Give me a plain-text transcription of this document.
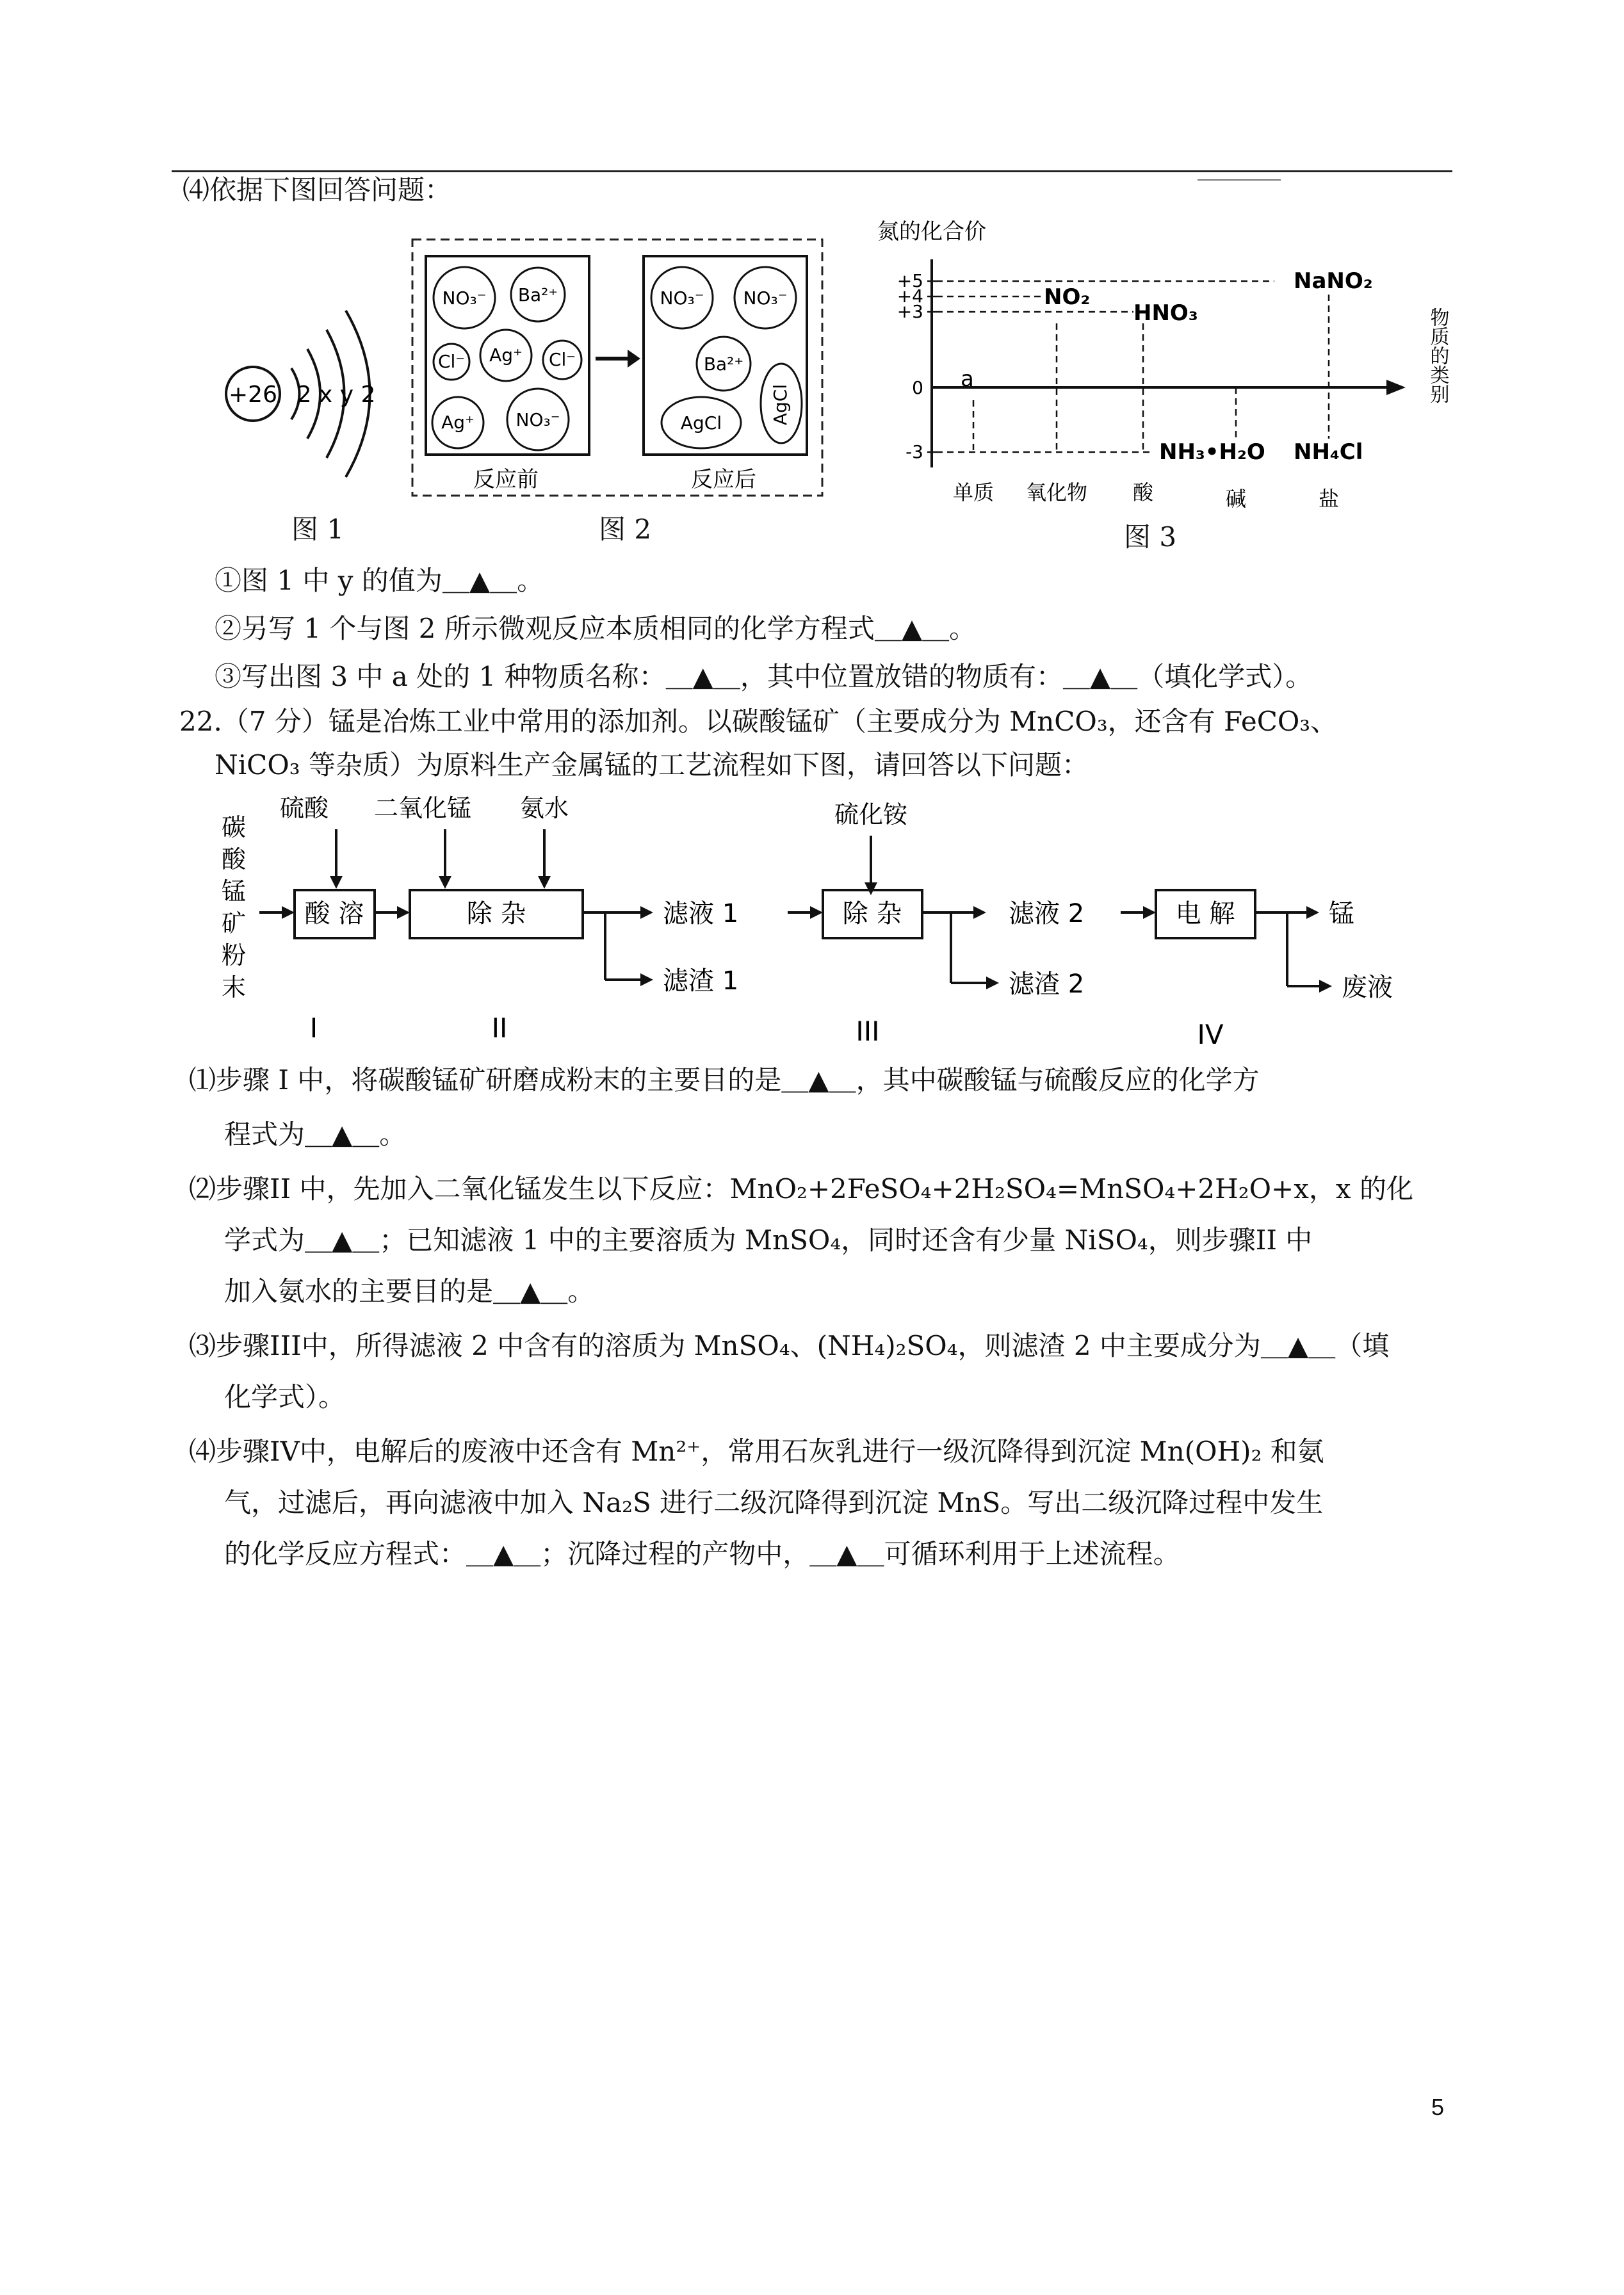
⑷依据下图回答问题：
+26 2 x y 2
图 1
NO₃⁻ Ba²⁺
Cl⁻ Ag⁺ Cl⁻
Ag⁺ NO₃⁻
NO₃⁻ NO₃⁻
Ba²⁺
AgCl	AgCl
反应前	反应后
图 2
氮的化合价
+5
+4
+3
0
-3
NaNO₂
NO₂
HNO₃
a
NH₃•H₂O NH₄Cl
单质 氧化物 酸	碱	盐
物质的类别
图 3
①图 1 中 y 的值为＿▲＿。
②另写 1 个与图 2 所示微观反应本质相同的化学方程式＿▲＿。
③写出图 3 中 a 处的 1 种物质名称：＿▲＿，其中位置放错的物质有：＿▲＿（填化学式）。
22.（7 分）锰是冶炼工业中常用的添加剂。以碳酸锰矿（主要成分为 MnCO₃，还含有 FeCO₃、
NiCO₃ 等杂质）为原料生产金属锰的工艺流程如下图，请回答以下问题：
碳
酸
锰
矿
粉
末
硫酸 二氧化锰 氨水	硫化铵
酸 溶	除 杂	除 杂	电 解
滤液 1
滤渣 1
滤液 2
滤渣 2
锰
废液
I	II	III	IV
⑴步骤 I 中，将碳酸锰矿研磨成粉末的主要目的是＿▲＿，其中碳酸锰与硫酸反应的化学方
程式为＿▲＿。
⑵步骤II 中，先加入二氧化锰发生以下反应：MnO₂+2FeSO₄+2H₂SO₄=MnSO₄+2H₂O+x，x 的化
学式为＿▲＿；已知滤液 1 中的主要溶质为 MnSO₄，同时还含有少量 NiSO₄，则步骤II 中
加入氨水的主要目的是＿▲＿。
⑶步骤III中，所得滤液 2 中含有的溶质为 MnSO₄、(NH₄)₂SO₄，则滤渣 2 中主要成分为＿▲＿（填
化学式）。
⑷步骤IV中，电解后的废液中还含有 Mn²⁺，常用石灰乳进行一级沉降得到沉淀 Mn(OH)₂ 和氨
气，过滤后，再向滤液中加入 Na₂S 进行二级沉降得到沉淀 MnS。写出二级沉降过程中发生
的化学反应方程式：＿▲＿；沉降过程的产物中，＿▲＿可循环利用于上述流程。
5
